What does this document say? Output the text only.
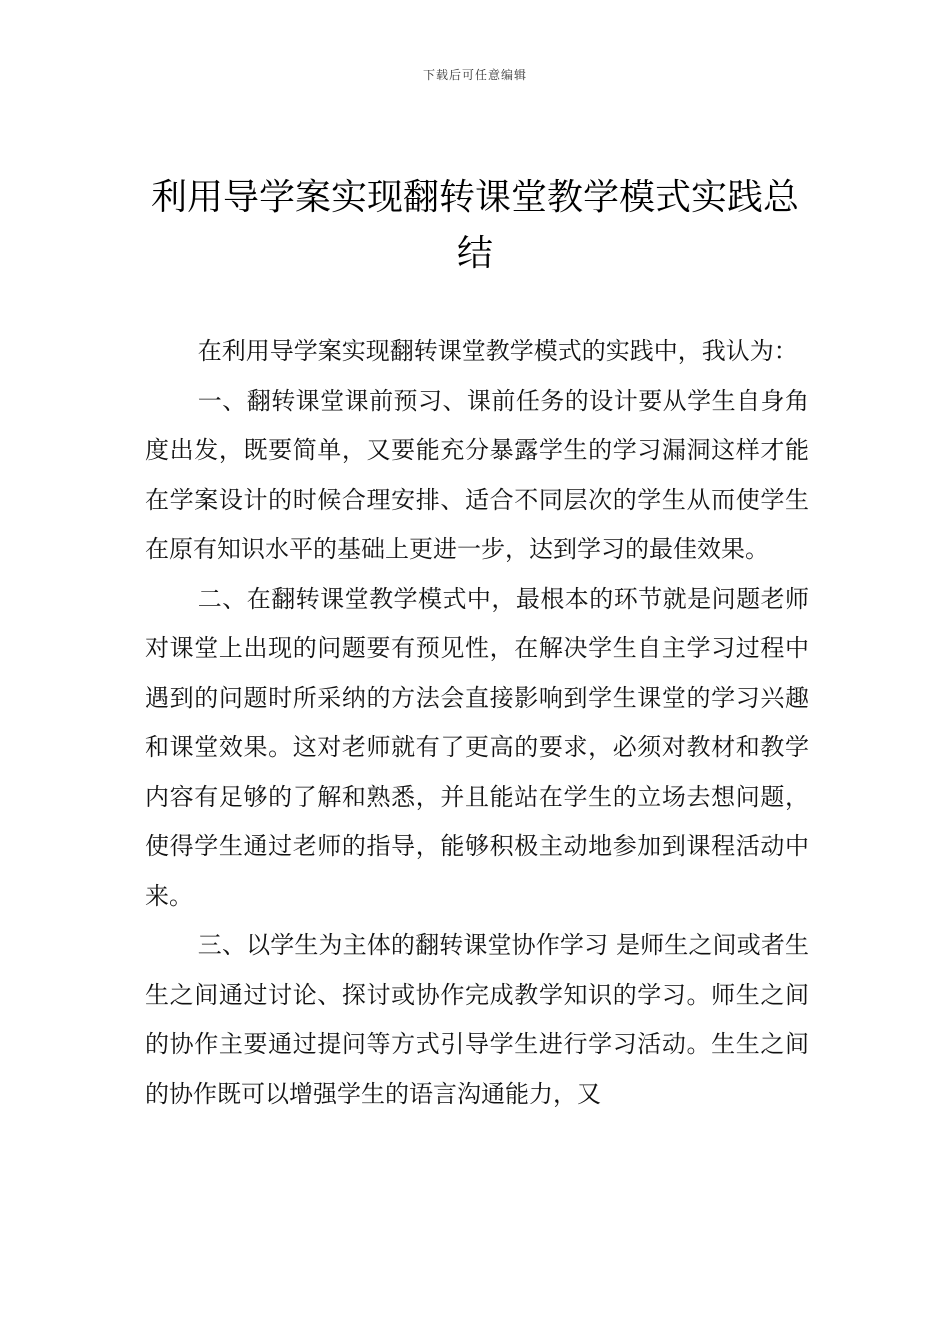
下载后可任意编辑
利用导学案实现翻转课堂教学模式实践总结

在利用导学案实现翻转课堂教学模式的实践中，我认为：

一、翻转课堂课前预习、课前任务的设计要从学生自身角度出发，既要简单，又要能充分暴露学生的学习漏洞这样才能在学案设计的时候合理安排、适合不同层次的学生从而使学生在原有知识水平的基础上更进一步，达到学习的最佳效果。

二、在翻转课堂教学模式中，最根本的环节就是问题老师对课堂上出现的问题要有预见性，在解决学生自主学习过程中遇到的问题时所采纳的方法会直接影响到学生课堂的学习兴趣和课堂效果。这对老师就有了更高的要求，必须对教材和教学内容有足够的了解和熟悉，并且能站在学生的立场去想问题，使得学生通过老师的指导，能够积极主动地参加到课程活动中来。

三、以学生为主体的翻转课堂协作学习 是师生之间或者生生之间通过讨论、探讨或协作完成教学知识的学习。师生之间的协作主要通过提问等方式引导学生进行学习活动。生生之间的协作既可以增强学生的语言沟通能力，又
